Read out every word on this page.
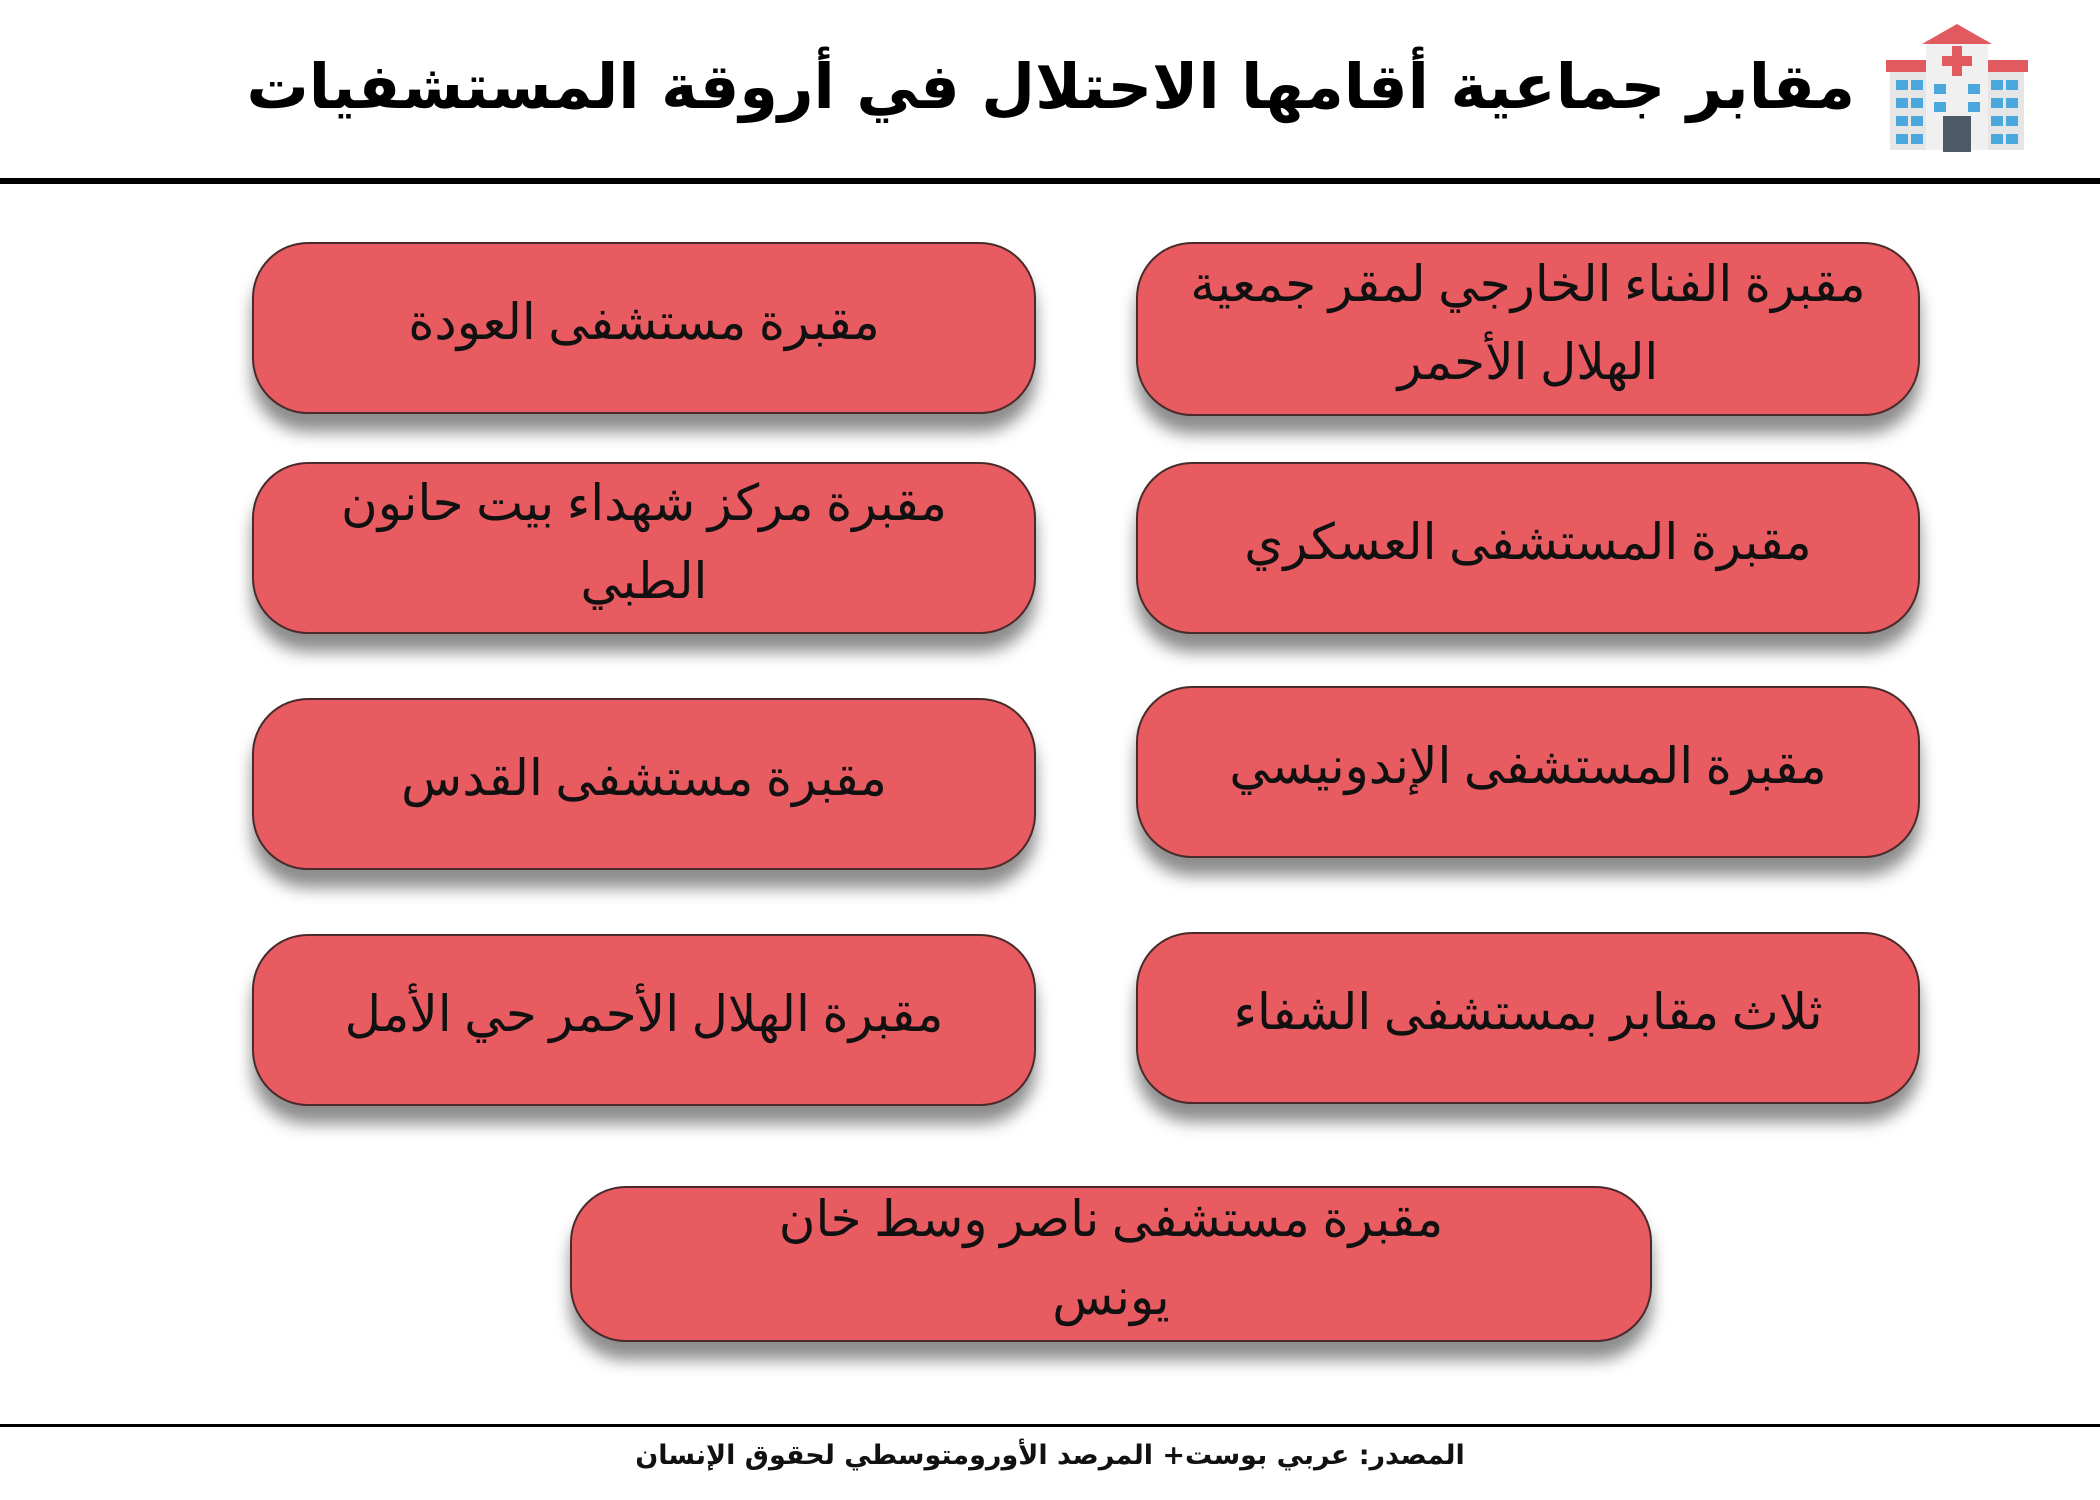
مقابر جماعية أقامها الاحتلال في أروقة المستشفيات
مقبرة الفناء الخارجي لمقر جمعية الهلال الأحمر
مقبرة المستشفى العسكري
مقبرة المستشفى الإندونيسي
ثلاث مقابر بمستشفى الشفاء
مقبرة مستشفى العودة
مقبرة مركز شهداء بيت حانون الطبي
مقبرة مستشفى القدس
مقبرة الهلال الأحمر حي الأمل
مقبرة مستشفى ناصر وسط خان يونس
المصدر: عربي بوست+ المرصد الأورومتوسطي لحقوق الإنسان
